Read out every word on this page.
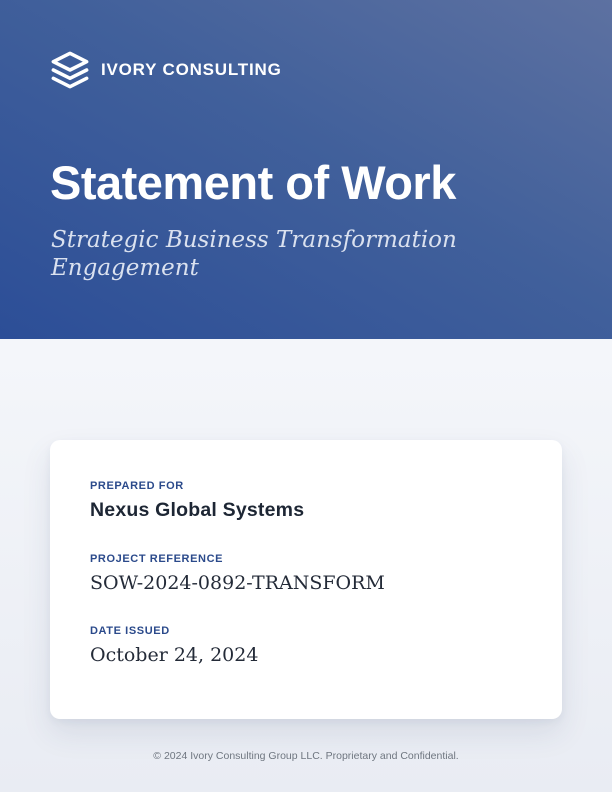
IVORY CONSULTING
Statement of Work
Strategic Business Transformation Engagement
PREPARED FOR
Nexus Global Systems
PROJECT REFERENCE
SOW-2024-0892-TRANSFORM
DATE ISSUED
October 24, 2024
© 2024 Ivory Consulting Group LLC. Proprietary and Confidential.
